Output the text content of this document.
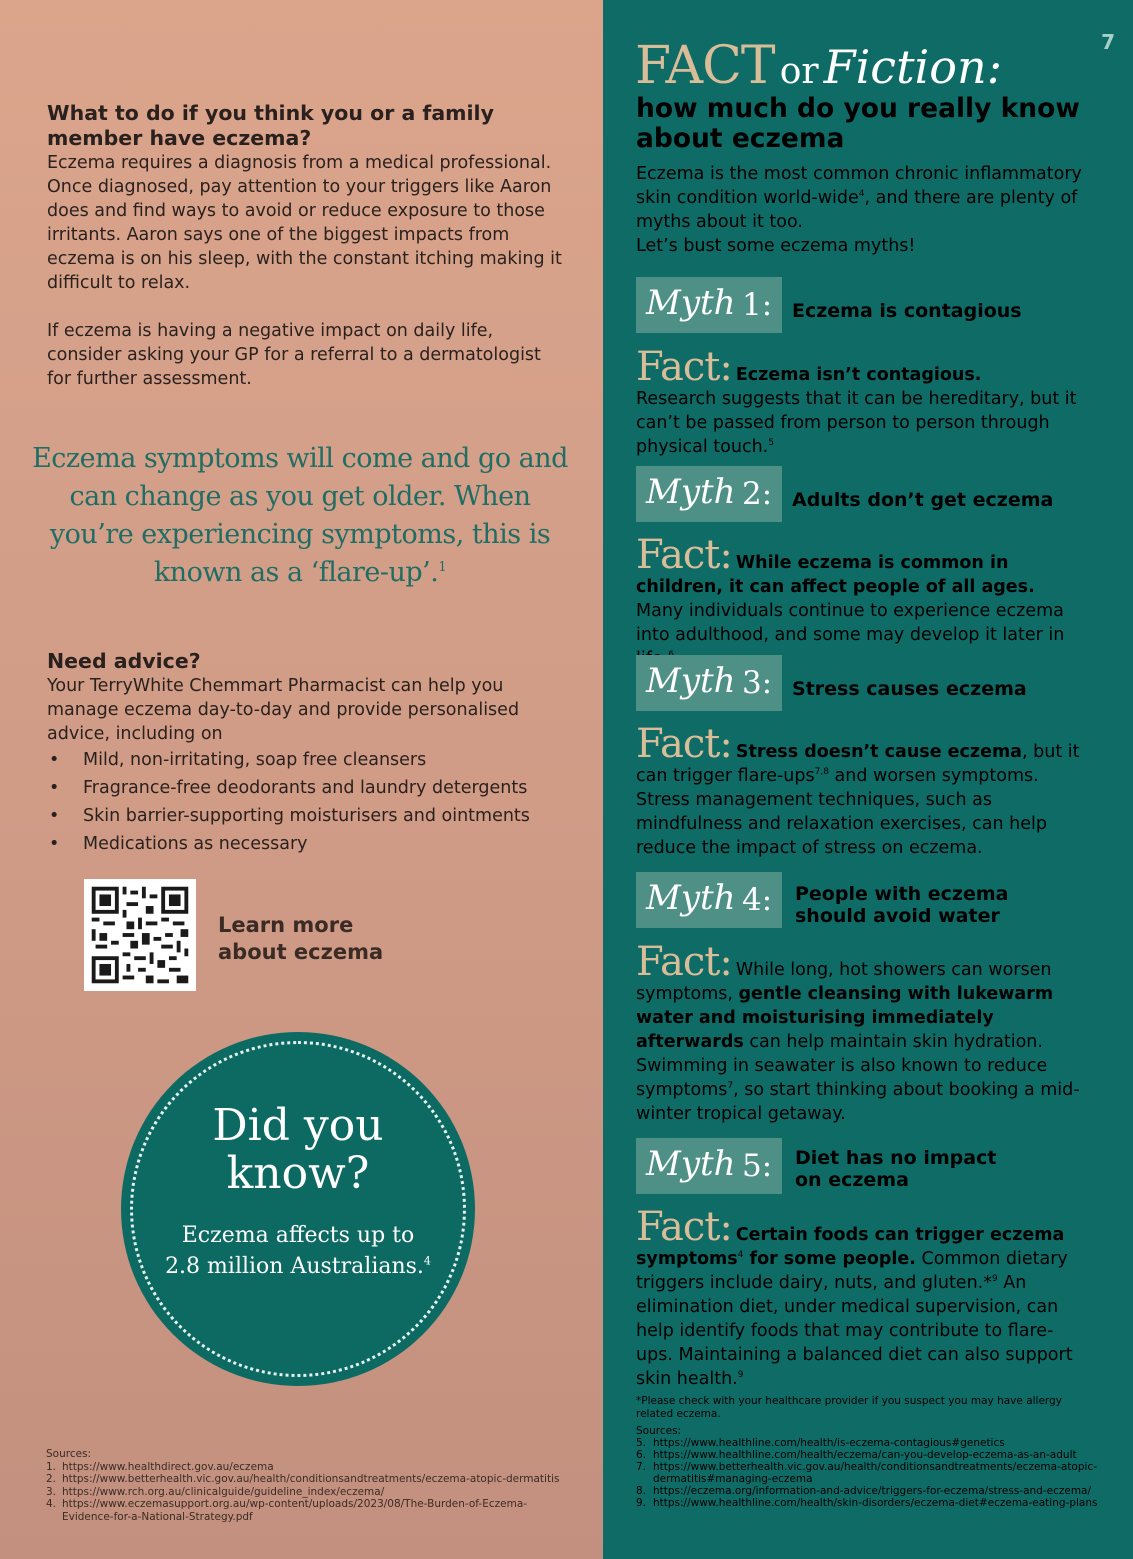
What to do if you think you or a family member have eczema?

Eczema requires a diagnosis from a medical professional. Once diagnosed, pay attention to your triggers like Aaron does and find ways to avoid or reduce exposure to those irritants. Aaron says one of the biggest impacts from eczema is on his sleep, with the constant itching making it difficult to relax.

If eczema is having a negative impact on daily life, consider asking your GP for a referral to a dermatologist for further assessment.

Eczema symptoms will come and go and can change as you get older. When you’re experiencing symptoms, this is known as a ‘flare-up’.$^1$
Need advice?

Your TerryWhite Chemmart Pharmacist can help you manage eczema day-to-day and provide personalised advice, including on

• Mild, non-irritating, soap free cleansers
• Fragrance-free deodorants and laundry detergents
• Skin barrier-supporting moisturisers and ointments
• Medications as necessary
Learn more
about eczema
Did you
know?
Eczema affects up to
2.8 million Australians.$^4$
Sources:
1. https://www.healthdirect.gov.au/eczema
2. https://www.betterhealth.vic.gov.au/health/conditionsandtreatments/eczema-atopic-dermatitis
3. https://www.rch.org.au/clinicalguide/guideline_index/eczema/
4. https://www.eczemasupport.org.au/wp-content/uploads/2023/08/The-Burden-of-Eczema-Evidence-for-a-National-Strategy.pdf
7
FACT or Fiction:
how much do you really know about eczema
Eczema is the most common chronic inflammatory skin condition world-wide$^4$, and there are plenty of myths about it too.
Let’s bust some eczema myths!
Myth 1: Eczema is contagious
Fact: Eczema isn’t contagious.
Research suggests that it can be hereditary, but it can’t be passed from person to person through physical touch.$^5$
Myth 2: Adults don’t get eczema
Fact: While eczema is common in children, it can affect people of all ages. Many individuals continue to experience eczema into adulthood, and some may develop it later in
Myth 3: Stress causes eczema
Fact: Stress doesn’t cause eczema, but it can trigger flare-ups$^{7,8}$ and worsen symptoms. Stress management techniques, such as mindfulness and relaxation exercises, can help reduce the impact of stress on eczema.
Myth 4: People with eczema
should avoid water
Fact: While long, hot showers can worsen symptoms, gentle cleansing with lukewarm water and moisturising immediately afterwards can help maintain skin hydration. Swimming in seawater is also known to reduce symptoms$^7$, so start thinking about booking a mid-winter tropical getaway.
Myth 5: Diet has no impact
on eczema
Fact: Certain foods can trigger eczema symptoms$^4$ for some people. Common dietary triggers include dairy, nuts, and gluten.*$^9$ An elimination diet, under medical supervision, can help identify foods that may contribute to flare-ups. Maintaining a balanced diet can also support skin health.$^9$
*Please check with your healthcare provider if you suspect you may have allergy related eczema.
Sources:
5. https://www.healthline.com/health/is-eczema-contagious#genetics
6. https://www.healthline.com/health/eczema/can-you-develop-eczema-as-an-adult
7. https://www.betterhealth.vic.gov.au/health/conditionsandtreatments/eczema-atopic-dermatitis#managing-eczema
8. https://eczema.org/information-and-advice/triggers-for-eczema/stress-and-eczema/
9. https://www.healthline.com/health/skin-disorders/eczema-diet#eczema-eating-plans
